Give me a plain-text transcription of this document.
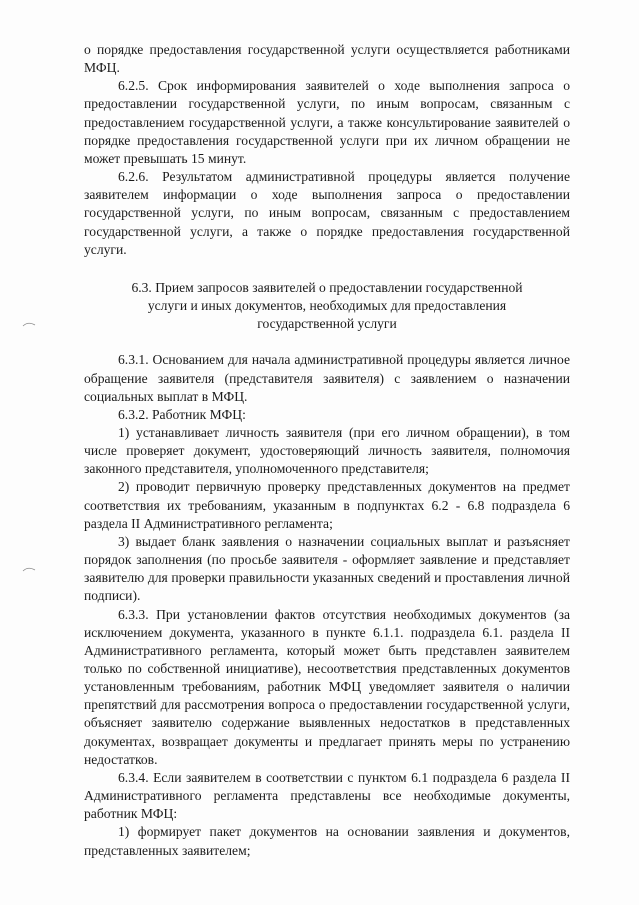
о порядке предоставления государственной услуги осуществляется работниками МФЦ.

6.2.5. Срок информирования заявителей о ходе выполнения запроса о предоставлении государственной услуги, по иным вопросам, связанным с предоставлением государственной услуги, а также консультирование заявителей о порядке предоставления государственной услуги при их личном обращении не может превышать 15 минут.

6.2.6. Результатом административной процедуры является получение заявителем информации о ходе выполнения запроса о предоставлении государственной услуги, по иным вопросам, связанным с предоставлением государственной услуги, а также о порядке предоставления государственной услуги.

6.3. Прием запросов заявителей о предоставлении государственной
услуги и иных документов, необходимых для предоставления
государственной услуги

6.3.1. Основанием для начала административной процедуры является личное обращение заявителя (представителя заявителя) с заявлением о назначении социальных выплат в МФЦ.

6.3.2. Работник МФЦ:

1) устанавливает личность заявителя (при его личном обращении), в том числе проверяет документ, удостоверяющий личность заявителя, полномочия законного представителя, уполномоченного представителя;

2) проводит первичную проверку представленных документов на предмет соответствия их требованиям, указанным в подпунктах 6.2 - 6.8 подраздела 6 раздела II Административного регламента;

3) выдает бланк заявления о назначении социальных выплат и разъясняет порядок заполнения (по просьбе заявителя - оформляет заявление и представляет заявителю для проверки правильности указанных сведений и проставления личной подписи).

6.3.3. При установлении фактов отсутствия необходимых документов (за исключением документа, указанного в пункте 6.1.1. подраздела 6.1. раздела II Административного регламента, который может быть представлен заявителем только по собственной инициативе), несоответствия представленных документов установленным требованиям, работник МФЦ уведомляет заявителя о наличии препятствий для рассмотрения вопроса о предоставлении государственной услуги, объясняет заявителю содержание выявленных недостатков в представленных документах, возвращает документы и предлагает принять меры по устранению недостатков.

6.3.4. Если заявителем в соответствии с пунктом 6.1 подраздела 6 раздела II Административного регламента представлены все необходимые документы, работник МФЦ:

1) формирует пакет документов на основании заявления и документов, представленных заявителем;
